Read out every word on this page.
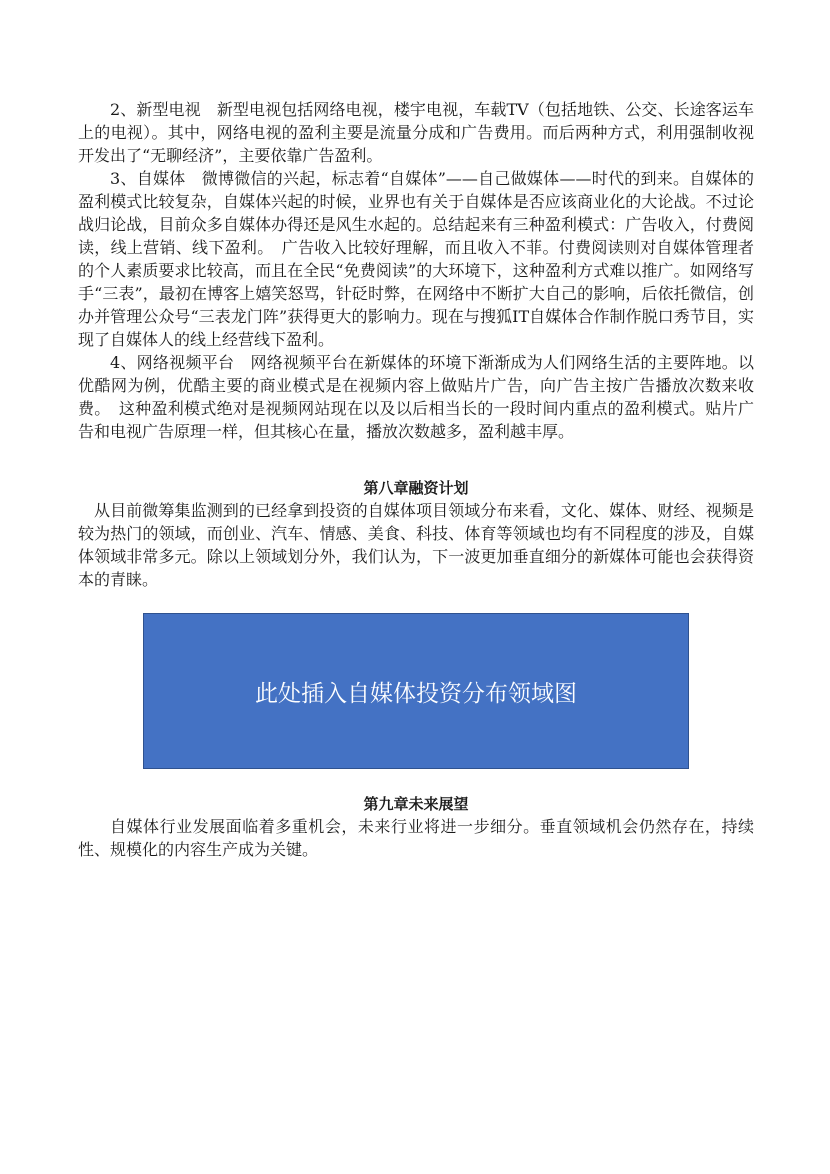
2、新型电视　新型电视包括网络电视，楼宇电视，车载TV（包括地铁、公交、长途客运车上的电视）。其中，网络电视的盈利主要是流量分成和广告费用。而后两种方式，利用强制收视开发出了“无聊经济”，主要依靠广告盈利。

3、自媒体　微博微信的兴起，标志着“自媒体”——自己做媒体——时代的到来。自媒体的盈利模式比较复杂，自媒体兴起的时候，业界也有关于自媒体是否应该商业化的大论战。不过论战归论战，目前众多自媒体办得还是风生水起的。总结起来有三种盈利模式：广告收入，付费阅读，线上营销、线下盈利。　广告收入比较好理解，而且收入不菲。付费阅读则对自媒体管理者的个人素质要求比较高，而且在全民“免费阅读”的大环境下，这种盈利方式难以推广。如网络写手“三表”，最初在博客上嬉笑怒骂，针砭时弊，在网络中不断扩大自己的影响，后依托微信，创办并管理公众号“三表龙门阵”获得更大的影响力。现在与搜狐IT自媒体合作制作脱口秀节目，实现了自媒体人的线上经营线下盈利。

4、网络视频平台　网络视频平台在新媒体的环境下渐渐成为人们网络生活的主要阵地。以优酷网为例，优酷主要的商业模式是在视频内容上做贴片广告，向广告主按广告播放次数来收费。　这种盈利模式绝对是视频网站现在以及以后相当长的一段时间内重点的盈利模式。贴片广告和电视广告原理一样，但其核心在量，播放次数越多，盈利越丰厚。

第八章融资计划

从目前微筹集监测到的已经拿到投资的自媒体项目领域分布来看，文化、媒体、财经、视频是较为热门的领域，而创业、汽车、情感、美食、科技、体育等领域也均有不同程度的涉及，自媒体领域非常多元。除以上领域划分外，我们认为，下一波更加垂直细分的新媒体可能也会获得资本的青睐。

此处插入自媒体投资分布领域图
第九章未来展望

自媒体行业发展面临着多重机会，未来行业将进一步细分。垂直领域机会仍然存在，持续性、规模化的内容生产成为关键。
